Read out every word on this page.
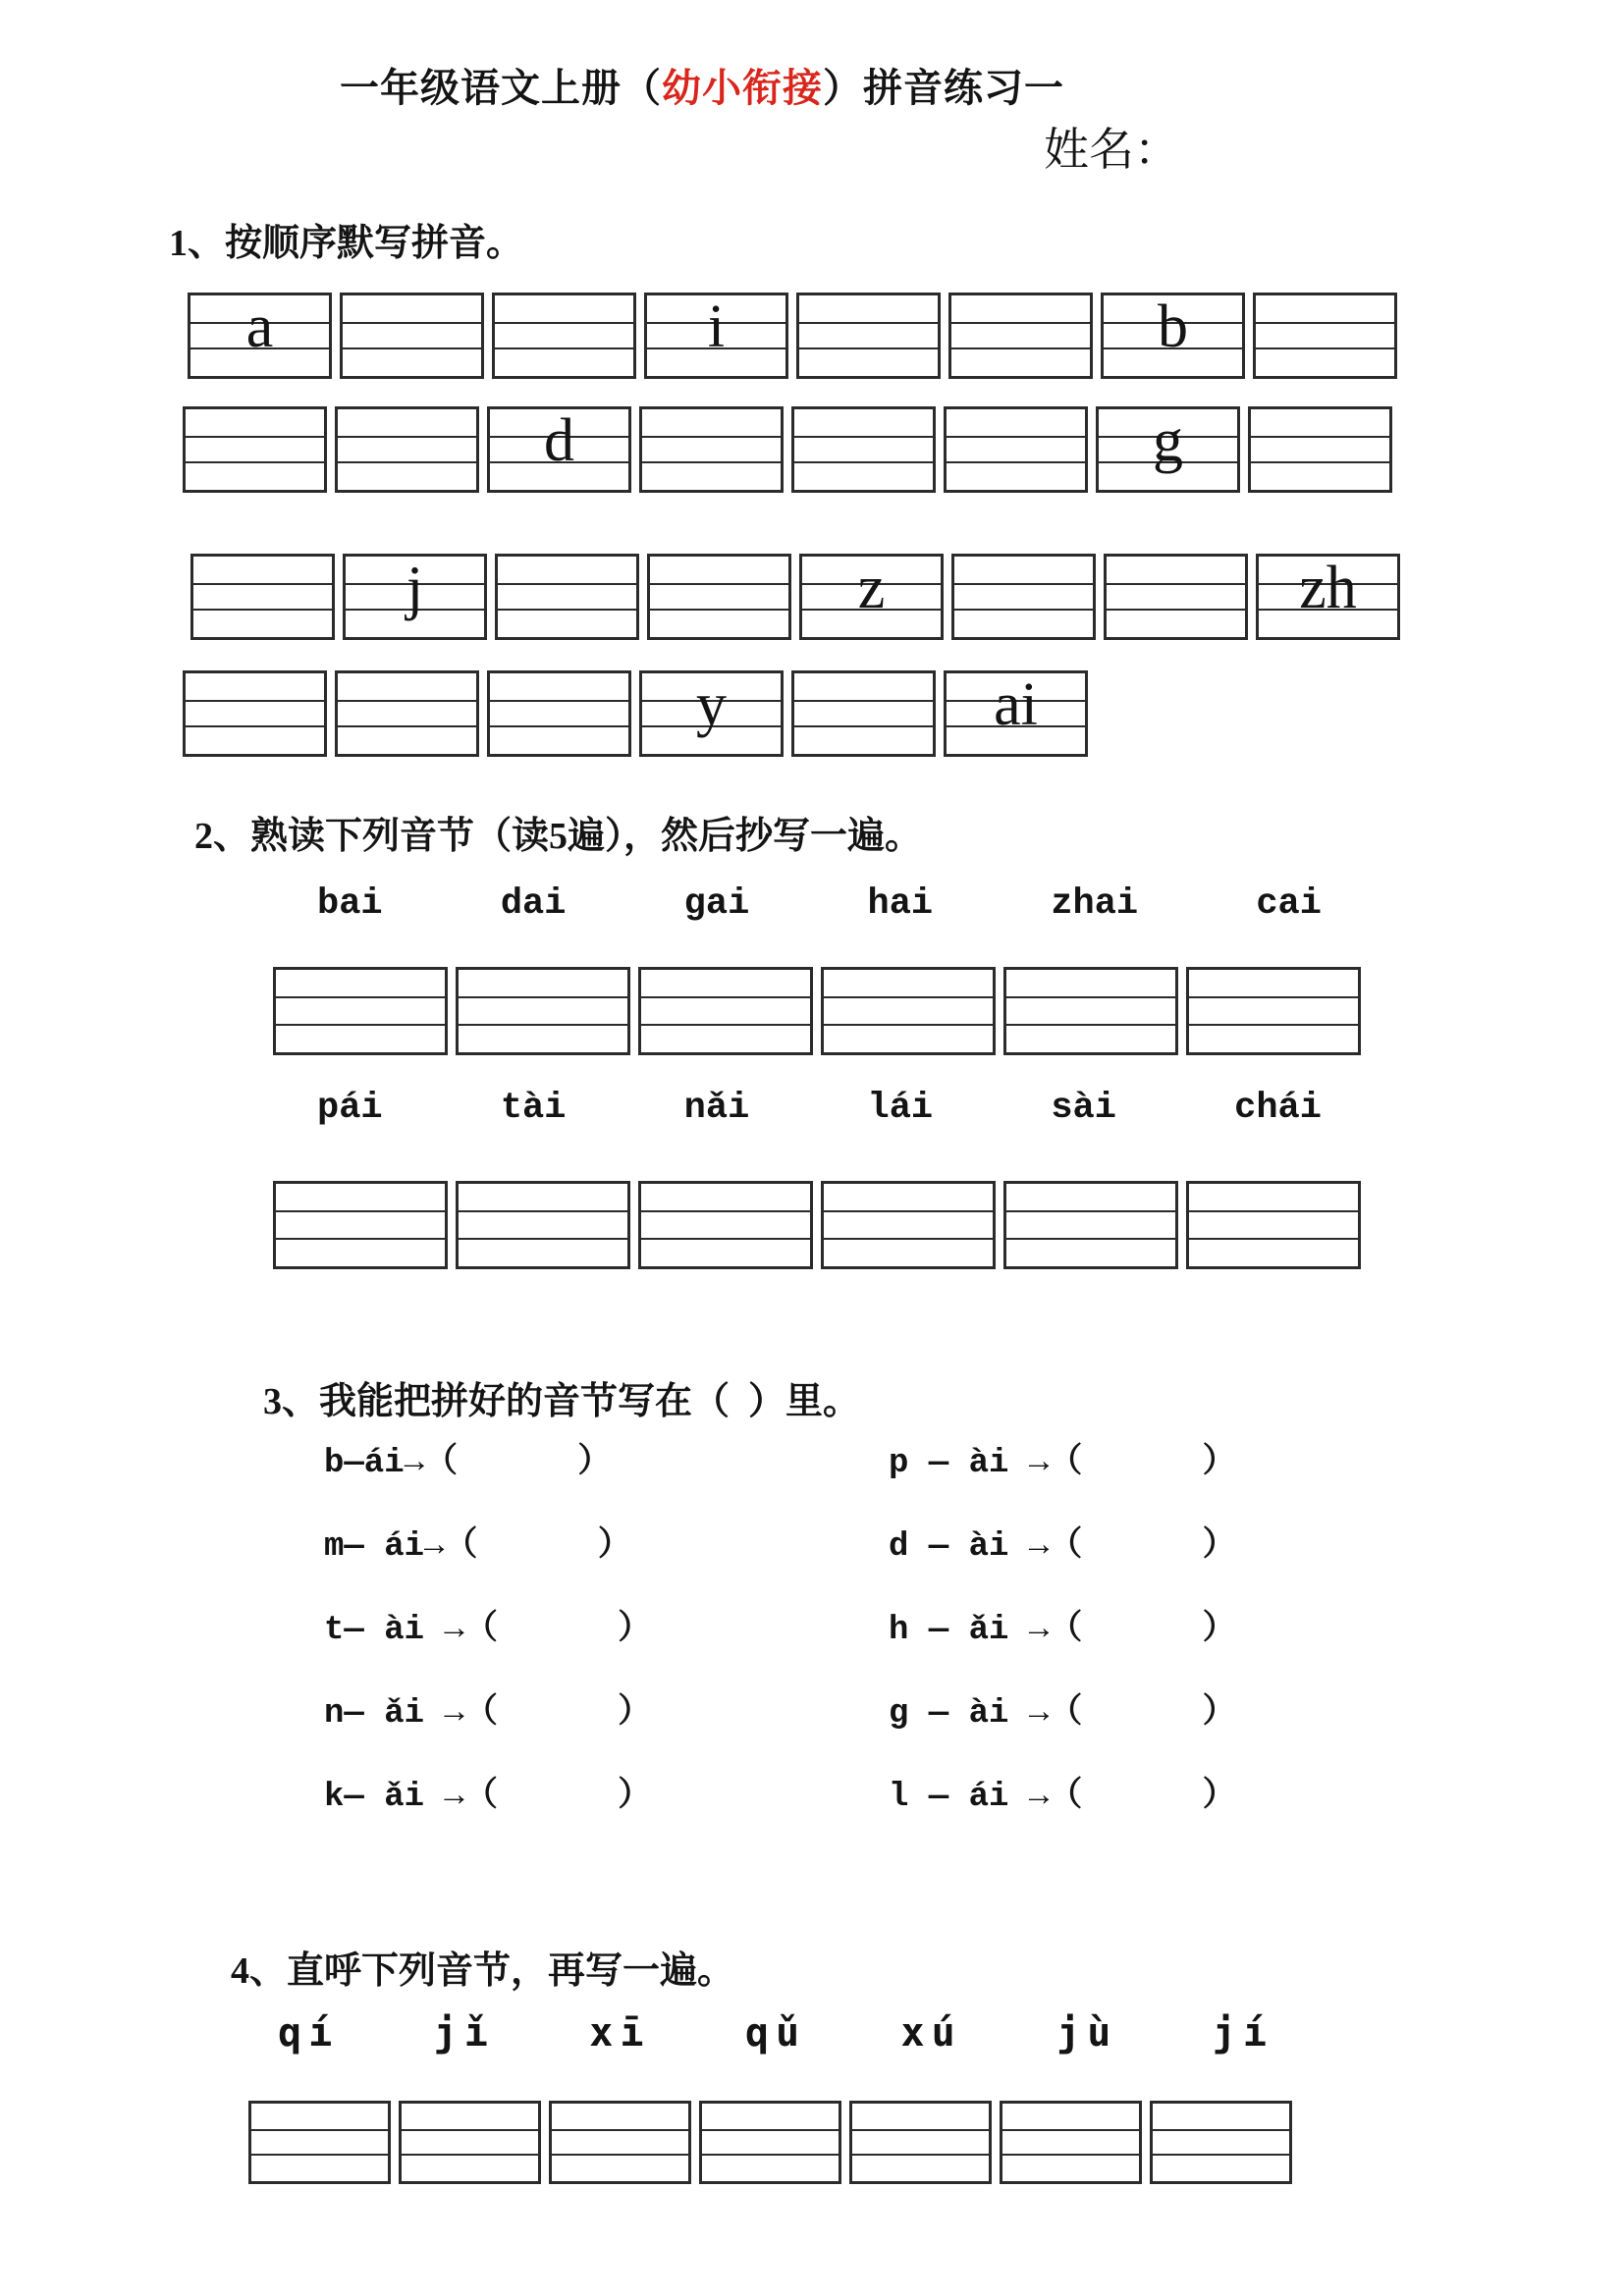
一年级语文上册（幼小衔接）拼音练习一
姓名：
1、按顺序默写拼音。
a	i	b
d	g
j	z	zh
y	ai
2、熟读下列音节（读5遍），然后抄写一遍。
bai	dai	gai	hai	zhai	cai
pái	tài	nǎi	lái	sài	chái
3、我能把拼好的音节写在（  ）里。

b—ái→（      ）

	p — ài →（      ）

m— ái→（      ）

	d — ài →（      ）

t— ài →（      ）

	h — ǎi →（      ）

n— ǎi →（      ）

	g — ài →（      ）

k— ǎi →（      ）

	l — ái →（      ）

4、直呼下列音节，再写一遍。
qí jǐ xī qǔ xú jù jí
